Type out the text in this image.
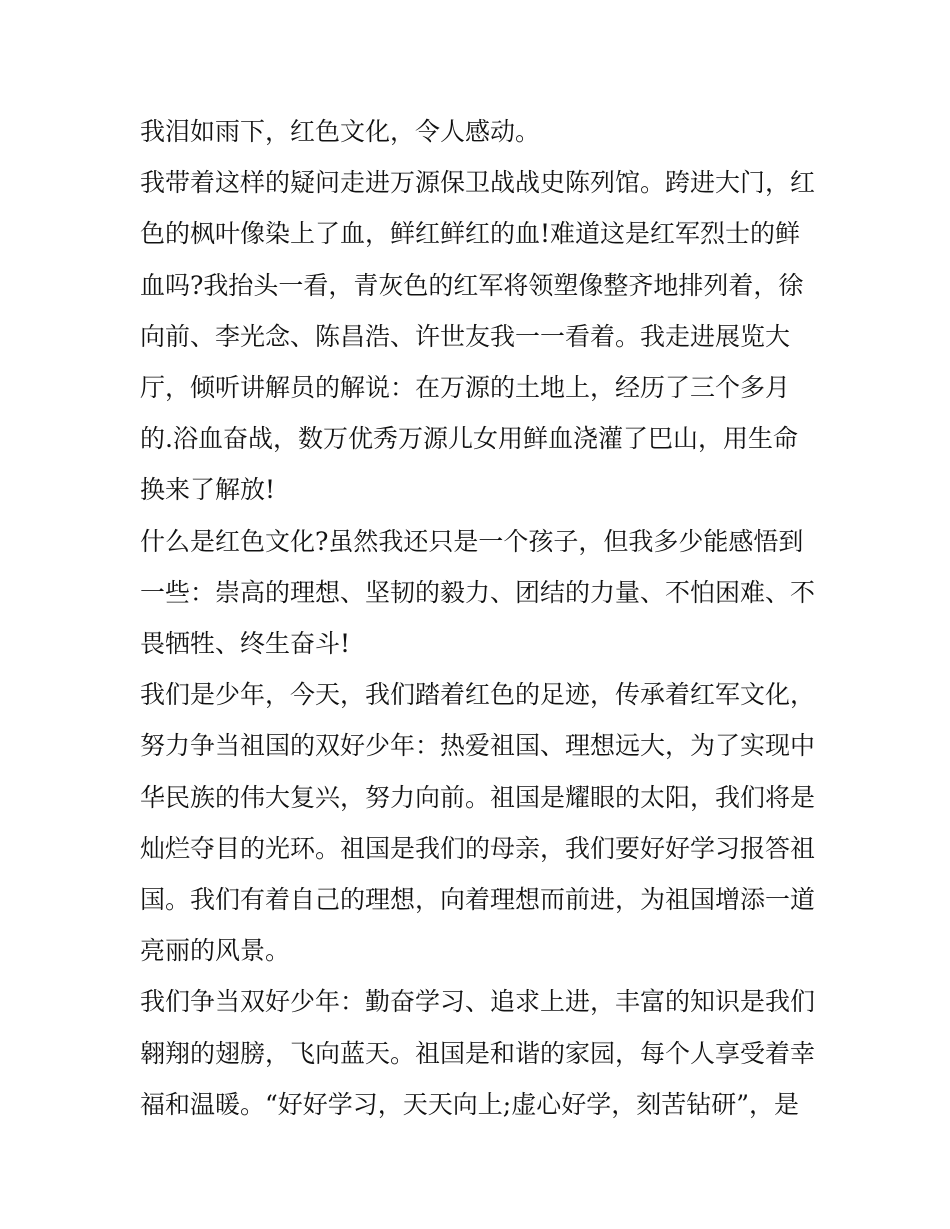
我泪如雨下，红色文化，令人感动。

我带着这样的疑问走进万源保卫战战史陈列馆。跨进大门，红

色的枫叶像染上了血，鲜红鲜红的血!难道这是红军烈士的鲜

血吗?我抬头一看，青灰色的红军将领塑像整齐地排列着，徐

向前、李光念、陈昌浩、许世友我一一看着。我走进展览大

厅，倾听讲解员的解说：在万源的土地上，经历了三个多月

的.浴血奋战，数万优秀万源儿女用鲜血浇灌了巴山，用生命

换来了解放!

什么是红色文化?虽然我还只是一个孩子，但我多少能感悟到

一些：崇高的理想、坚韧的毅力、团结的力量、不怕困难、不

畏牺牲、终生奋斗!

我们是少年，今天，我们踏着红色的足迹，传承着红军文化，

努力争当祖国的双好少年：热爱祖国、理想远大，为了实现中

华民族的伟大复兴，努力向前。祖国是耀眼的太阳，我们将是

灿烂夺目的光环。祖国是我们的母亲，我们要好好学习报答祖

国。我们有着自己的理想，向着理想而前进，为祖国增添一道

亮丽的风景。

我们争当双好少年：勤奋学习、追求上进，丰富的知识是我们

翱翔的翅膀，飞向蓝天。祖国是和谐的家园，每个人享受着幸

福和温暖。“好好学习，天天向上;虚心好学，刻苦钻研”，是
